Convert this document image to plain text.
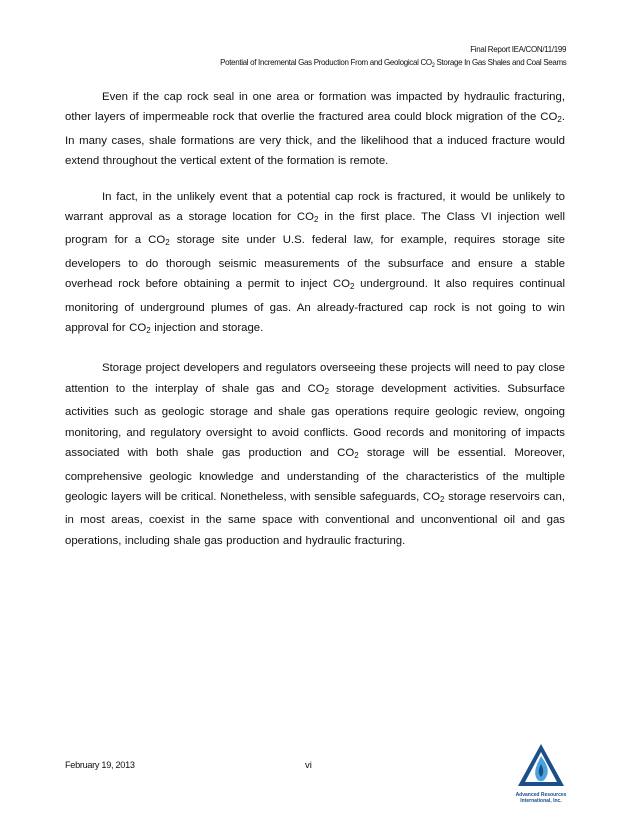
Final Report IEA/CON/11/199
Potential of Incremental Gas Production From and Geological $CO_2$ Storage In Gas Shales and Coal Seams

Even if the cap rock seal in one area or formation was impacted by hydraulic fracturing, other layers of impermeable rock that overlie the fractured area could block migration of the $CO_2$. In many cases, shale formations are very thick, and the likelihood that a induced fracture would extend throughout the vertical extent of the formation is remote.

In fact, in the unlikely event that a potential cap rock is fractured, it would be unlikely to warrant approval as a storage location for $CO_2$ in the first place. The Class VI injection well program for a $CO_2$ storage site under U.S. federal law, for example, requires storage site developers to do thorough seismic measurements of the subsurface and ensure a stable overhead rock before obtaining a permit to inject $CO_2$ underground. It also requires continual monitoring of underground plumes of gas. An already-fractured cap rock is not going to win approval for $CO_2$ injection and storage.

Storage project developers and regulators overseeing these projects will need to pay close attention to the interplay of shale gas and $CO_2$ storage development activities. Subsurface activities such as geologic storage and shale gas operations require geologic review, ongoing monitoring, and regulatory oversight to avoid conflicts. Good records and monitoring of impacts associated with both shale gas production and $CO_2$ storage will be essential. Moreover, comprehensive geologic knowledge and understanding of the characteristics of the multiple geologic layers will be critical. Nonetheless, with sensible safeguards, $CO_2$ storage reservoirs can, in most areas, coexist in the same space with conventional and unconventional oil and gas operations, including shale gas production and hydraulic fracturing.

February 19, 2013	vi
Advanced Resources
International, Inc.
